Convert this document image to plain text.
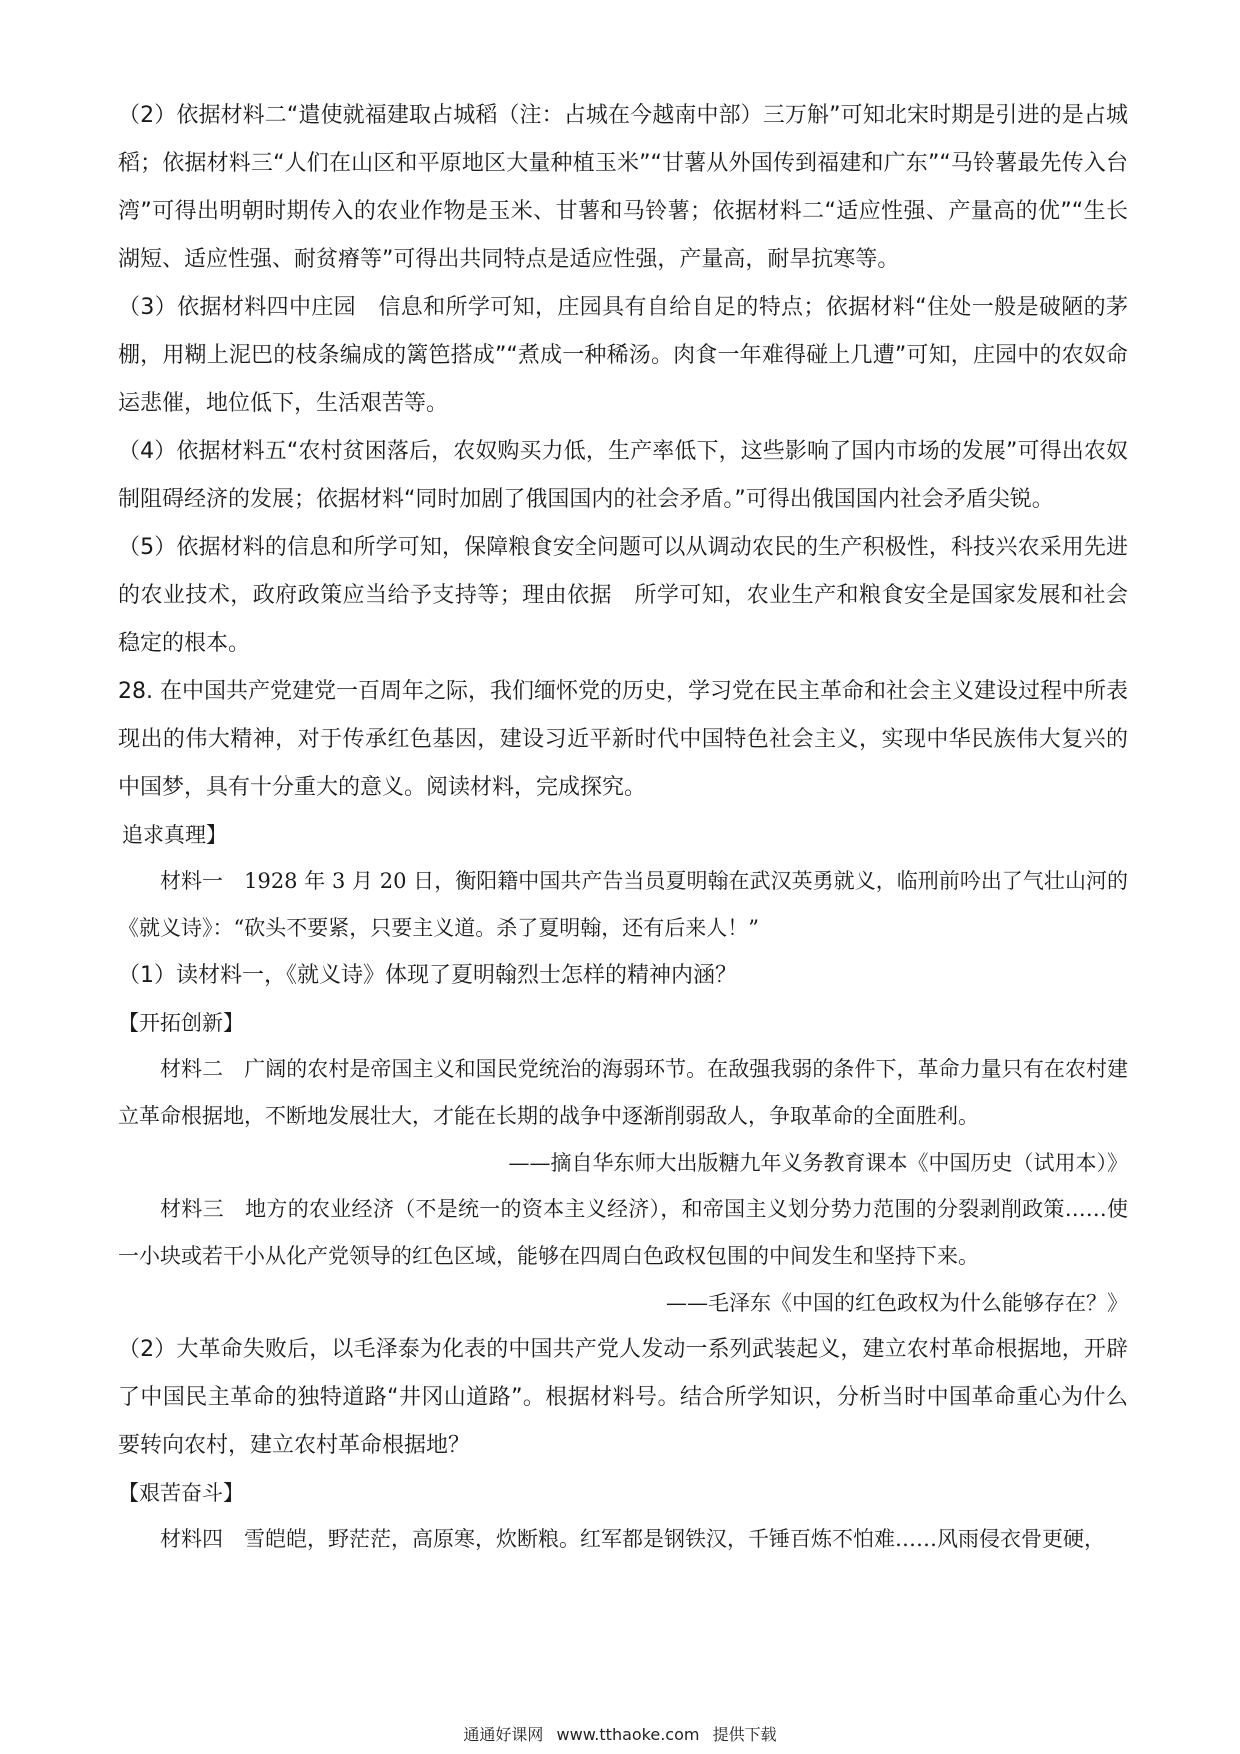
（2）依据材料二“遣使就福建取占城稻（注：占城在今越南中部）三万斛”可知北宋时期是引进的是占城稻；依据材料三“人们在山区和平原地区大量种植玉米”“甘薯从外国传到福建和广东”“马铃薯最先传入台湾”可得出明朝时期传入的农业作物是玉米、甘薯和马铃薯；依据材料二“适应性强、产量高的优”“生长湖短、适应性强、耐贫瘠等”可得出共同特点是适应性强，产量高，耐旱抗寒等。

（3）依据材料四中庄园　信息和所学可知，庄园具有自给自足的特点；依据材料“住处一般是破陋的茅棚，用糊上泥巴的枝条编成的篱笆搭成”“煮成一种稀汤。肉食一年难得碰上几遭”可知，庄园中的农奴命运悲催，地位低下，生活艰苦等。

（4）依据材料五“农村贫困落后，农奴购买力低，生产率低下，这些影响了国内市场的发展”可得出农奴制阻碍经济的发展；依据材料“同时加剧了俄国国内的社会矛盾。”可得出俄国国内社会矛盾尖锐。

（5）依据材料的信息和所学可知，保障粮食安全问题可以从调动农民的生产积极性，科技兴农采用先进的农业技术，政府政策应当给予支持等；理由依据　所学可知，农业生产和粮食安全是国家发展和社会稳定的根本。

28. 在中国共产党建党一百周年之际，我们缅怀党的历史，学习党在民主革命和社会主义建设过程中所表现出的伟大精神，对于传承红色基因，建设习近平新时代中国特色社会主义，实现中华民族伟大复兴的中国梦，具有十分重大的意义。阅读材料，完成探究。

追求真理】

材料一　1928 年 3 月 20 日，衡阳籍中国共产告当员夏明翰在武汉英勇就义，临刑前吟出了气壮山河的《就义诗》：“砍头不要紧，只要主义道。杀了夏明翰，还有后来人！”

（1）读材料一，《就义诗》体现了夏明翰烈士怎样的精神内涵？

【开拓创新】

材料二　广阔的农村是帝国主义和国民党统治的海弱环节。在敌强我弱的条件下，革命力量只有在农村建立革命根据地，不断地发展壮大，才能在长期的战争中逐渐削弱敌人，争取革命的全面胜利。

——摘自华东师大出版糖九年义务教育课本《中国历史（试用本）》

材料三　地方的农业经济（不是统一的资本主义经济），和帝国主义划分势力范围的分裂剥削政策……使一小块或若干小从化产党领导的红色区域，能够在四周白色政权包围的中间发生和坚持下来。

——毛泽东《中国的红色政权为什么能够存在？》

（2）大革命失败后，以毛泽泰为化表的中国共产党人发动一系列武装起义，建立农村革命根据地，开辟了中国民主革命的独特道路“井冈山道路”。根据材料号。结合所学知识，分析当时中国革命重心为什么要转向农村，建立农村革命根据地？

【艰苦奋斗】

材料四　雪皑皑，野茫茫，高原寒，炊断粮。红军都是钢铁汉，千锤百炼不怕难……风雨侵衣骨更硬，

通通好课网 www.tthaoke.com 提供下载
